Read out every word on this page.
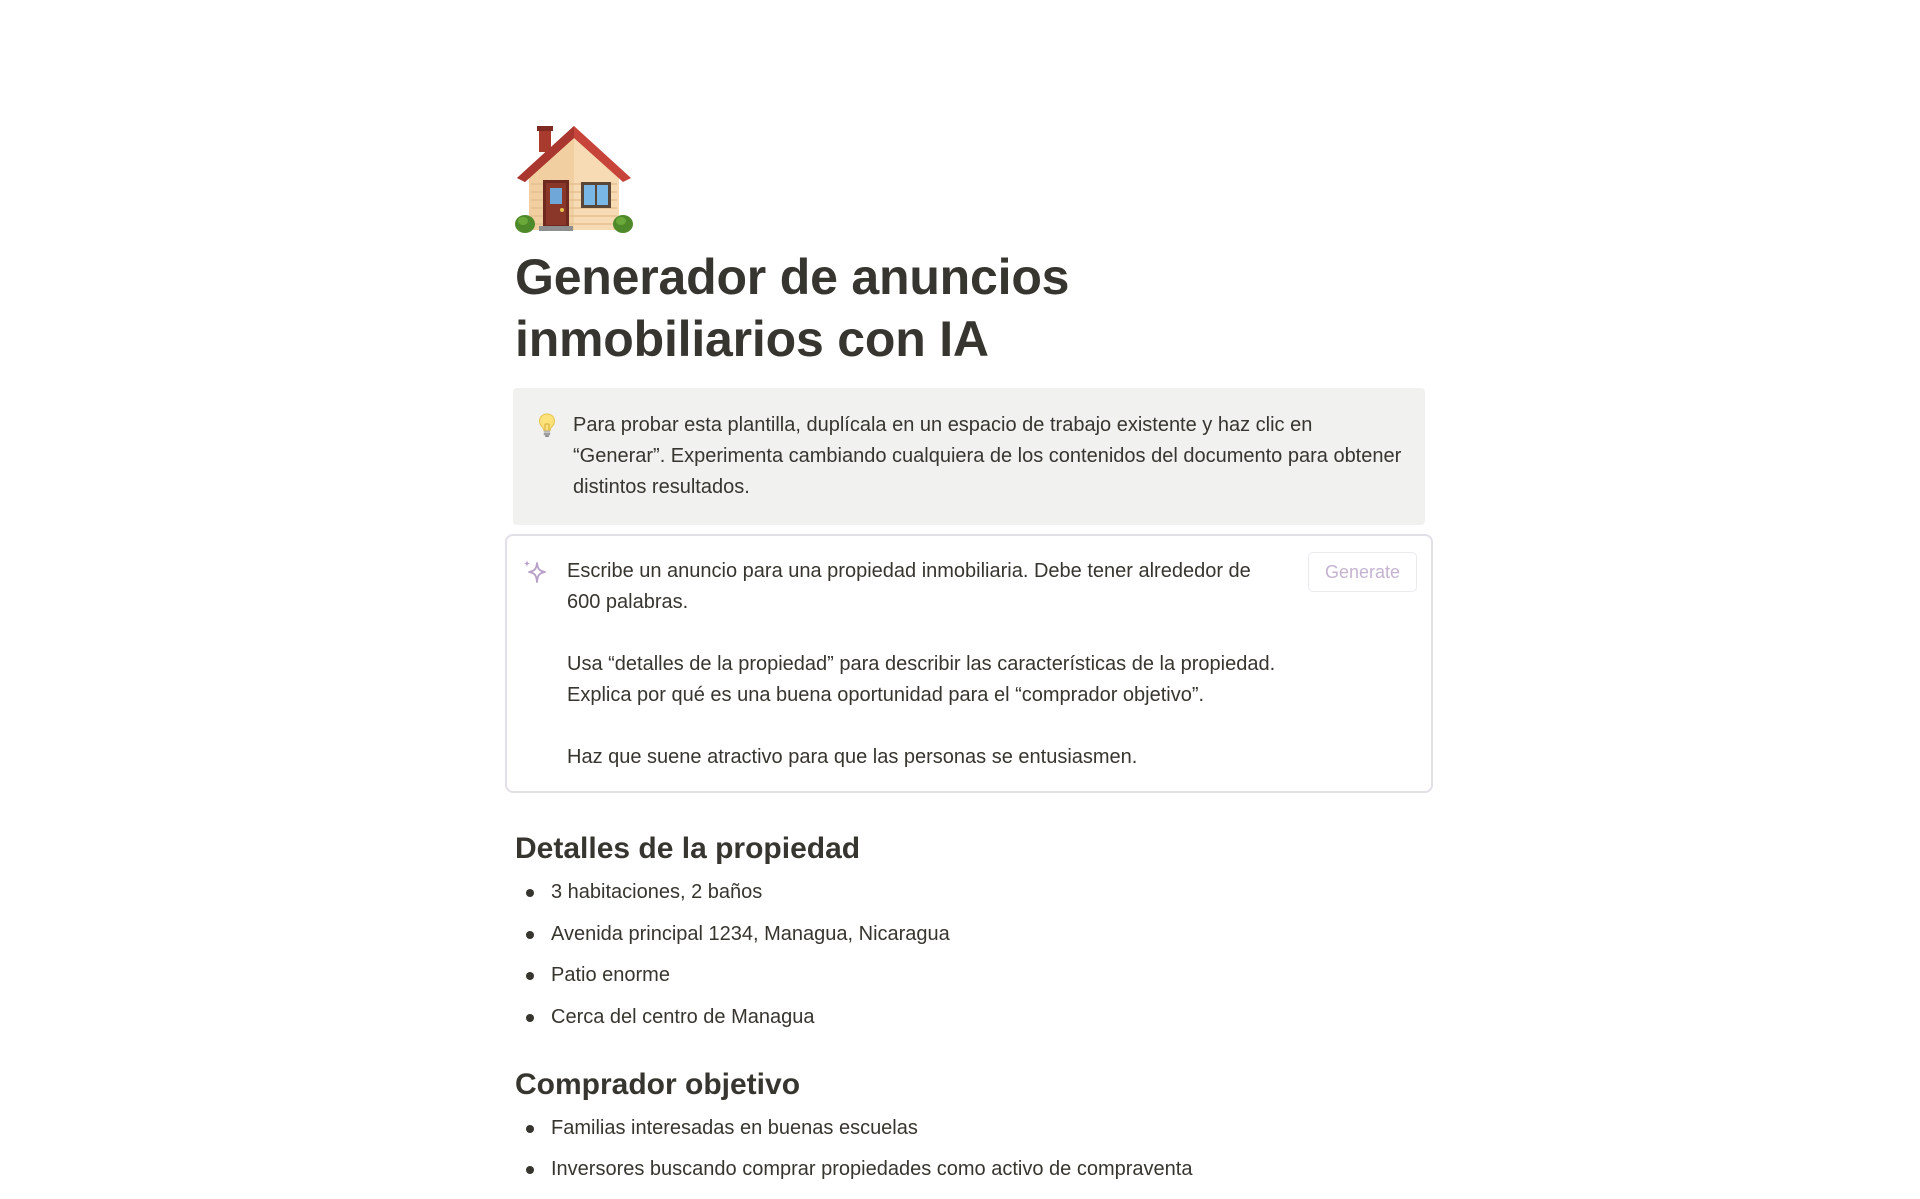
Generador de anuncios inmobiliarios con IA
Para probar esta plantilla, duplícala en un espacio de trabajo existente y haz clic en “Generar”. Experimenta cambiando cualquiera de los contenidos del documento para obtener distintos resultados.

Escribe un anuncio para una propiedad inmobiliaria. Debe tener alrededor de 600 palabras.

Usa “detalles de la propiedad” para describir las características de la propiedad. Explica por qué es una buena oportunidad para el “comprador objetivo”.

Haz que suene atractivo para que las personas se entusiasmen.

Generate
Detalles de la propiedad
3 habitaciones, 2 baños
Avenida principal 1234, Managua, Nicaragua
Patio enorme
Cerca del centro de Managua
Comprador objetivo
Familias interesadas en buenas escuelas
Inversores buscando comprar propiedades como activo de compraventa
